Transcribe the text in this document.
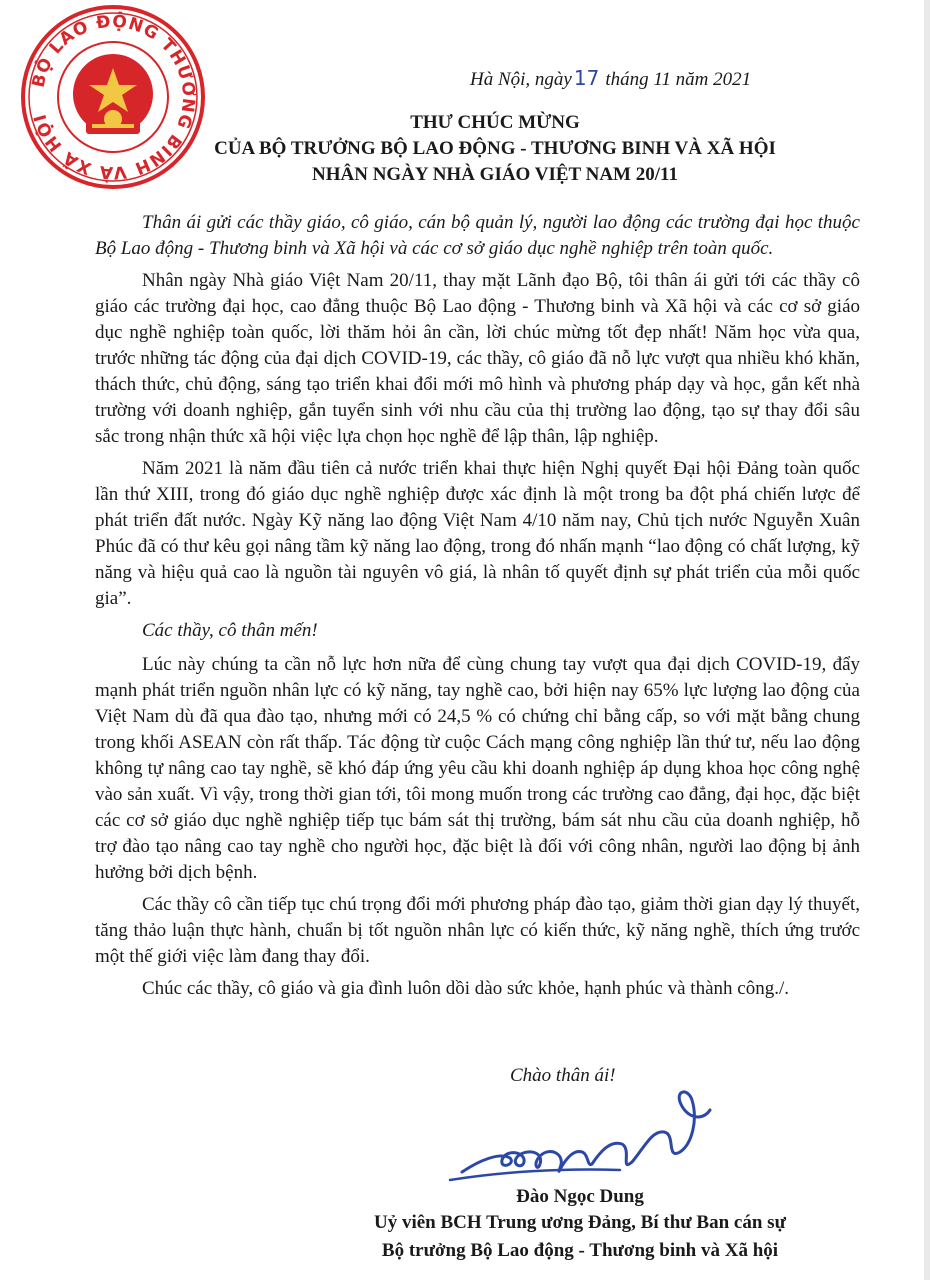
BỘ LAO ĐỘNG THƯƠNG BINH VÀ XÃ HỘI
Hà Nội, ngày 17 tháng 11 năm 2021
THƯ CHÚC MỪNG
CỦA BỘ TRƯỞNG BỘ LAO ĐỘNG - THƯƠNG BINH VÀ XÃ HỘI
NHÂN NGÀY NHÀ GIÁO VIỆT NAM 20/11

Thân ái gửi các thầy giáo, cô giáo, cán bộ quản lý, người lao động các trường đại học thuộc Bộ Lao động - Thương binh và Xã hội và các cơ sở giáo dục nghề nghiệp trên toàn quốc.

Nhân ngày Nhà giáo Việt Nam 20/11, thay mặt Lãnh đạo Bộ, tôi thân ái gửi tới các thầy cô giáo các trường đại học, cao đẳng thuộc Bộ Lao động - Thương binh và Xã hội và các cơ sở giáo dục nghề nghiệp toàn quốc, lời thăm hỏi ân cần, lời chúc mừng tốt đẹp nhất! Năm học vừa qua, trước những tác động của đại dịch COVID-19, các thầy, cô giáo đã nỗ lực vượt qua nhiều khó khăn, thách thức, chủ động, sáng tạo triển khai đổi mới mô hình và phương pháp dạy và học, gắn kết nhà trường với doanh nghiệp, gắn tuyển sinh với nhu cầu của thị trường lao động, tạo sự thay đổi sâu sắc trong nhận thức xã hội việc lựa chọn học nghề để lập thân, lập nghiệp.

Năm 2021 là năm đầu tiên cả nước triển khai thực hiện Nghị quyết Đại hội Đảng toàn quốc lần thứ XIII, trong đó giáo dục nghề nghiệp được xác định là một trong ba đột phá chiến lược để phát triển đất nước. Ngày Kỹ năng lao động Việt Nam 4/10 năm nay, Chủ tịch nước Nguyễn Xuân Phúc đã có thư kêu gọi nâng tầm kỹ năng lao động, trong đó nhấn mạnh “lao động có chất lượng, kỹ năng và hiệu quả cao là nguồn tài nguyên vô giá, là nhân tố quyết định sự phát triển của mỗi quốc gia”.

Các thầy, cô thân mến!

Lúc này chúng ta cần nỗ lực hơn nữa để cùng chung tay vượt qua đại dịch COVID-19, đẩy mạnh phát triển nguồn nhân lực có kỹ năng, tay nghề cao, bởi hiện nay 65% lực lượng lao động của Việt Nam dù đã qua đào tạo, nhưng mới có 24,5 % có chứng chỉ bằng cấp, so với mặt bằng chung trong khối ASEAN còn rất thấp. Tác động từ cuộc Cách mạng công nghiệp lần thứ tư, nếu lao động không tự nâng cao tay nghề, sẽ khó đáp ứng yêu cầu khi doanh nghiệp áp dụng khoa học công nghệ vào sản xuất. Vì vậy, trong thời gian tới, tôi mong muốn trong các trường cao đẳng, đại học, đặc biệt các cơ sở giáo dục nghề nghiệp tiếp tục bám sát thị trường, bám sát nhu cầu của doanh nghiệp, hỗ trợ đào tạo nâng cao tay nghề cho người học, đặc biệt là đối với công nhân, người lao động bị ảnh hưởng bởi dịch bệnh.

Các thầy cô cần tiếp tục chú trọng đổi mới phương pháp đào tạo, giảm thời gian dạy lý thuyết, tăng thảo luận thực hành, chuẩn bị tốt nguồn nhân lực có kiến thức, kỹ năng nghề, thích ứng trước một thế giới việc làm đang thay đổi.

Chúc các thầy, cô giáo và gia đình luôn dồi dào sức khỏe, hạnh phúc và thành công./.

Chào thân ái!
Đào Ngọc Dung
Uỷ viên BCH Trung ương Đảng, Bí thư Ban cán sự
Bộ trưởng Bộ Lao động - Thương binh và Xã hội
